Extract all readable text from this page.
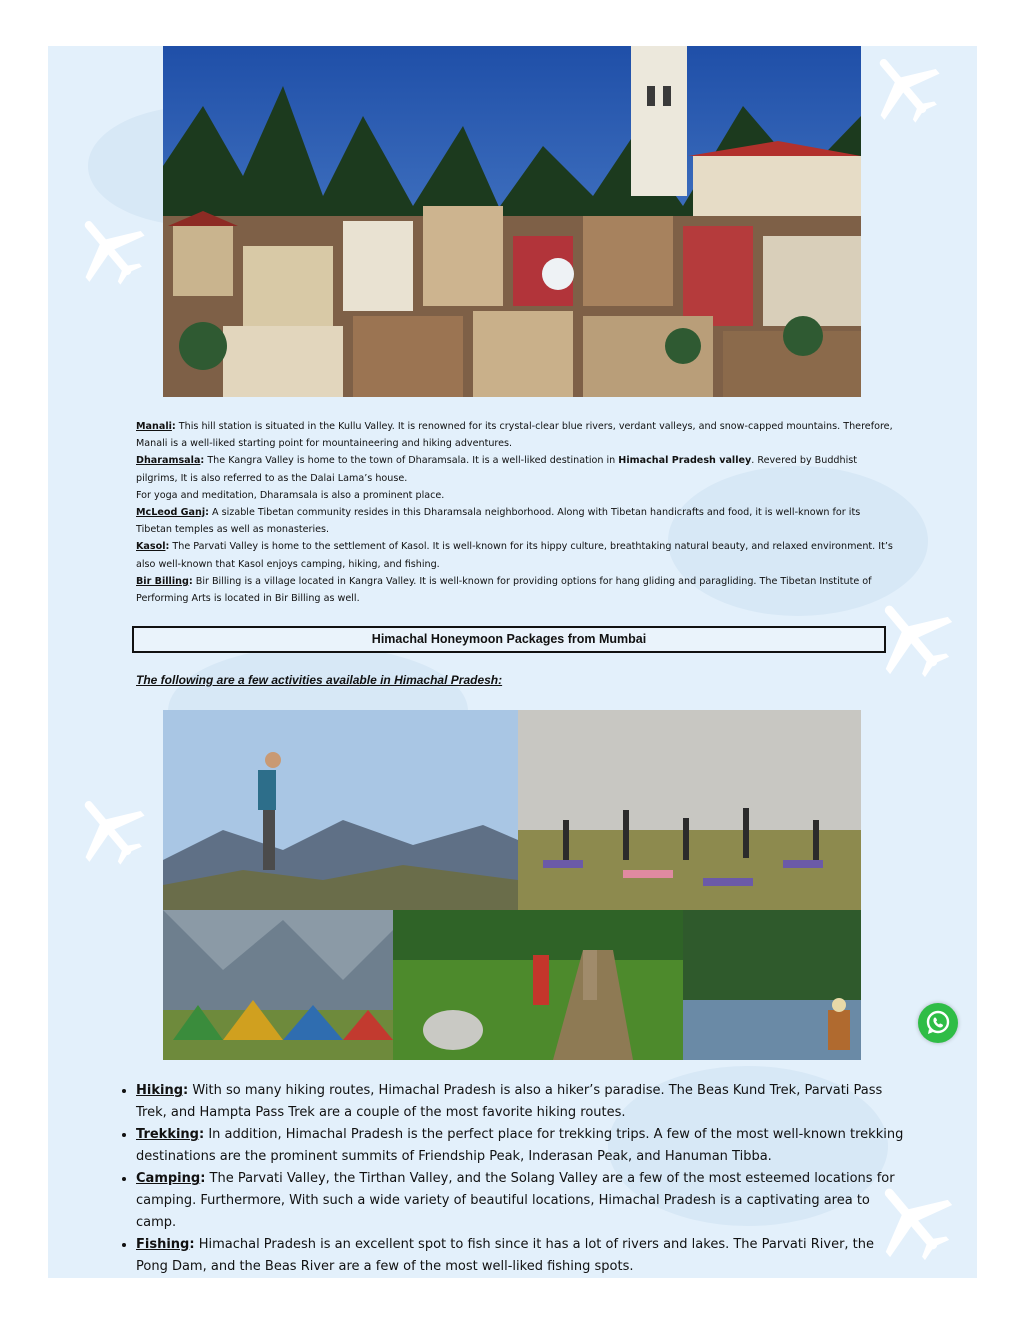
Manali: This hill station is situated in the Kullu Valley. It is renowned for its crystal-clear blue rivers, verdant valleys, and snow-capped mountains. Therefore, Manali is a well-liked starting point for mountaineering and hiking adventures.

Dharamsala: The Kangra Valley is home to the town of Dharamsala. It is a well-liked destination in Himachal Pradesh valley. Revered by Buddhist pilgrims, It is also referred to as the Dalai Lama’s house.

For yoga and meditation, Dharamsala is also a prominent place.

McLeod Ganj: A sizable Tibetan community resides in this Dharamsala neighborhood. Along with Tibetan handicrafts and food, it is well-known for its Tibetan temples as well as monasteries.

Kasol: The Parvati Valley is home to the settlement of Kasol. It is well-known for its hippy culture, breathtaking natural beauty, and relaxed environment. It’s also well-known that Kasol enjoys camping, hiking, and fishing.

Bir Billing: Bir Billing is a village located in Kangra Valley. It is well-known for providing options for hang gliding and paragliding. The Tibetan Institute of Performing Arts is located in Bir Billing as well.

Himachal Honeymoon Packages from Mumbai
The following are a few activities available in Himachal Pradesh:
• Hiking: With so many hiking routes, Himachal Pradesh is also a hiker’s paradise. The Beas Kund Trek, Parvati Pass Trek, and Hampta Pass Trek are a couple of the most favorite hiking routes.
• Trekking: In addition, Himachal Pradesh is the perfect place for trekking trips. A few of the most well-known trekking destinations are the prominent summits of Friendship Peak, Inderasan Peak, and Hanuman Tibba.
• Camping: The Parvati Valley, the Tirthan Valley, and the Solang Valley are a few of the most esteemed locations for camping. Furthermore, With such a wide variety of beautiful locations, Himachal Pradesh is a captivating area to camp.
• Fishing: Himachal Pradesh is an excellent spot to fish since it has a lot of rivers and lakes. The Parvati River, the Pong Dam, and the Beas River are a few of the most well-liked fishing spots.
